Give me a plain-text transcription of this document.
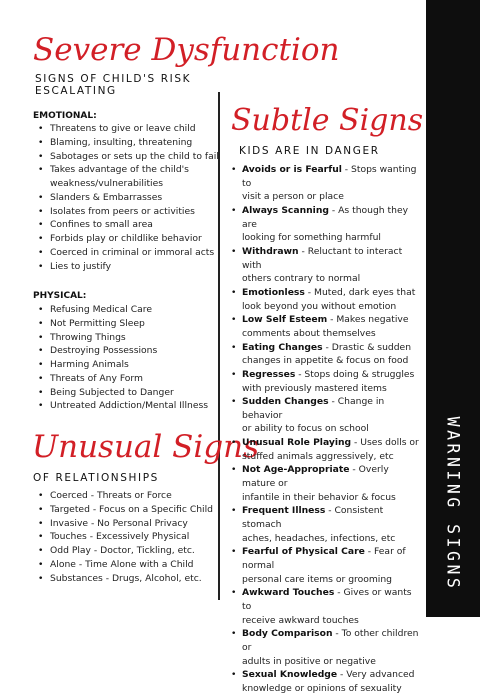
WARNING SIGNS
Severe Dysfunction
SIGNS OF CHILD'S RISK
ESCALATING
EMOTIONAL:
• Threatens to give or leave child
• Blaming, insulting, threatening
• Sabotages or sets up the child to fail
• Takes advantage of the child's
weakness/vulnerabilities
• Slanders & Embarrasses
• Isolates from peers or activities
• Confines to small area
• Forbids play or childlike behavior
• Coerced in criminal or immoral acts
• Lies to justify
PHYSICAL:
• Refusing Medical Care
• Not Permitting Sleep
• Throwing Things
• Destroying Possessions
• Harming Animals
• Threats of Any Form
• Being Subjected to Danger
• Untreated Addiction/Mental Illness
Unusual Signs
OF RELATIONSHIPS
• Coerced - Threats or Force
• Targeted - Focus on a Specific Child
• Invasive - No Personal Privacy
• Touches - Excessively Physical
• Odd Play - Doctor, Tickling, etc.
• Alone - Time Alone with a Child
• Substances - Drugs, Alcohol, etc.
Subtle Signs
KIDS ARE IN DANGER
• Avoids or is Fearful - Stops wanting to
visit a person or place
• Always Scanning - As though they are
looking for something harmful
• Withdrawn - Reluctant to interact with
others contrary to normal
• Emotionless - Muted, dark eyes that
look beyond you without emotion
• Low Self Esteem - Makes negative
comments about themselves
• Eating Changes - Drastic & sudden
changes in appetite & focus on food
• Regresses - Stops doing & struggles
with previously mastered items
• Sudden Changes - Change in behavior
or ability to focus on school
• Unusual Role Playing - Uses dolls or
stuffed animals aggressively, etc
• Not Age-Appropriate - Overly mature or
infantile in their behavior & focus
• Frequent Illness - Consistent stomach
aches, headaches, infections, etc
• Fearful of Physical Care - Fear of normal
personal care items or grooming
• Awkward Touches - Gives or wants to
receive awkward touches
• Body Comparison - To other children or
adults in positive or negative
• Sexual Knowledge - Very advanced
knowledge or opinions of sexuality
